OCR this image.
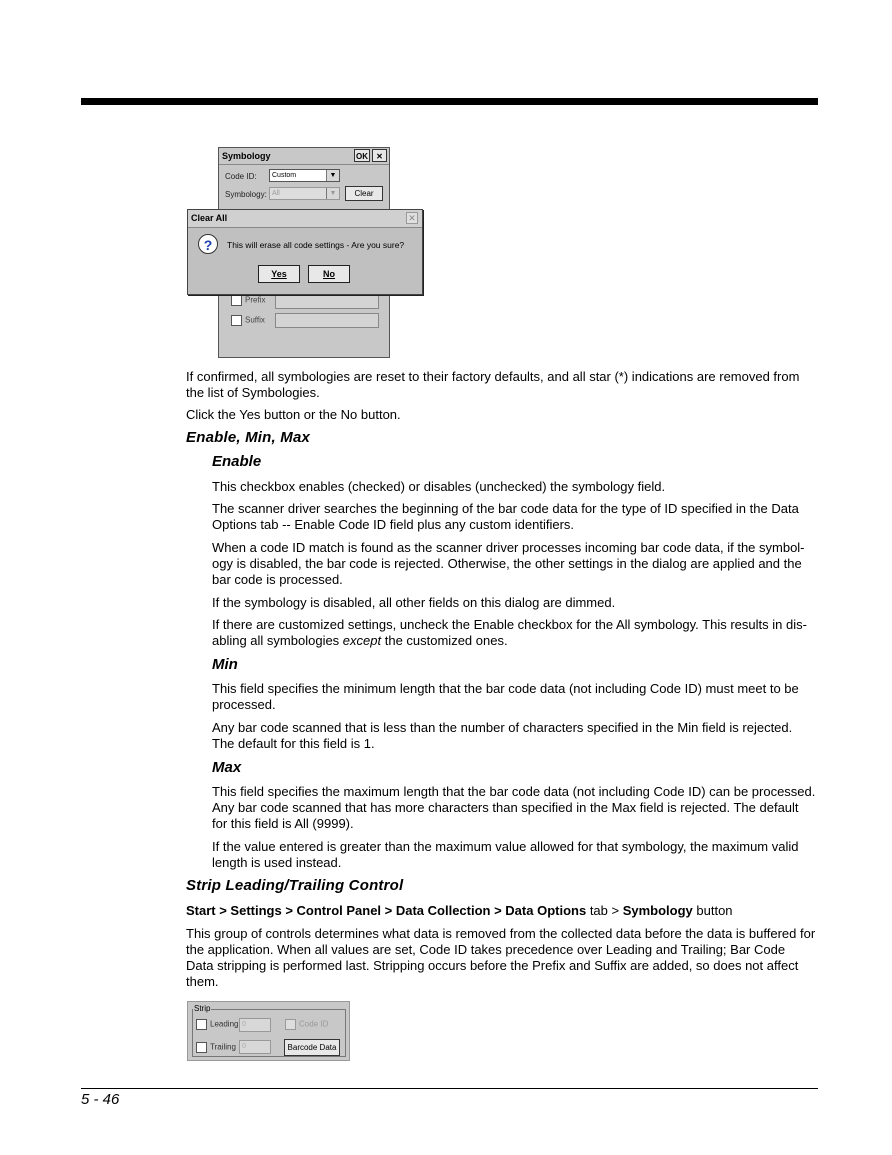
Symbology	OK	✕
Code ID:	Custom	▼
Symbology: All	▼	Clear
Prefix
Suffix
Clear All	✕
?	This will erase all code settings - Are you sure?
Yes	No
If confirmed, all symbologies are reset to their factory defaults, and all star (*) indications are removed from
the list of Symbologies.
Click the Yes button or the No button.
Enable, Min, Max
Enable
This checkbox enables (checked) or disables (unchecked) the symbology field.
The scanner driver searches the beginning of the bar code data for the type of ID specified in the Data
Options tab -- Enable Code ID field plus any custom identifiers.
When a code ID match is found as the scanner driver processes incoming bar code data, if the symbol-
ogy is disabled, the bar code is rejected. Otherwise, the other settings in the dialog are applied and the
bar code is processed.
If the symbology is disabled, all other fields on this dialog are dimmed.
If there are customized settings, uncheck the Enable checkbox for the All symbology. This results in dis-
abling all symbologies except the customized ones.
Min
This field specifies the minimum length that the bar code data (not including Code ID) must meet to be
processed.
Any bar code scanned that is less than the number of characters specified in the Min field is rejected.
The default for this field is 1.
Max
This field specifies the maximum length that the bar code data (not including Code ID) can be processed.
Any bar code scanned that has more characters than specified in the Max field is rejected. The default
for this field is All (9999).
If the value entered is greater than the maximum value allowed for that symbology, the maximum valid
length is used instead.
Strip Leading/Trailing Control
Start > Settings > Control Panel > Data Collection > Data Options tab > Symbology button
This group of controls determines what data is removed from the collected data before the data is buffered for
the application. When all values are set, Code ID takes precedence over Leading and Trailing; Bar Code
Data stripping is performed last. Stripping occurs before the Prefix and Suffix are added, so does not affect
them.
Strip
Leading 0	Code ID
Trailing 0	Barcode Data
5 - 46
